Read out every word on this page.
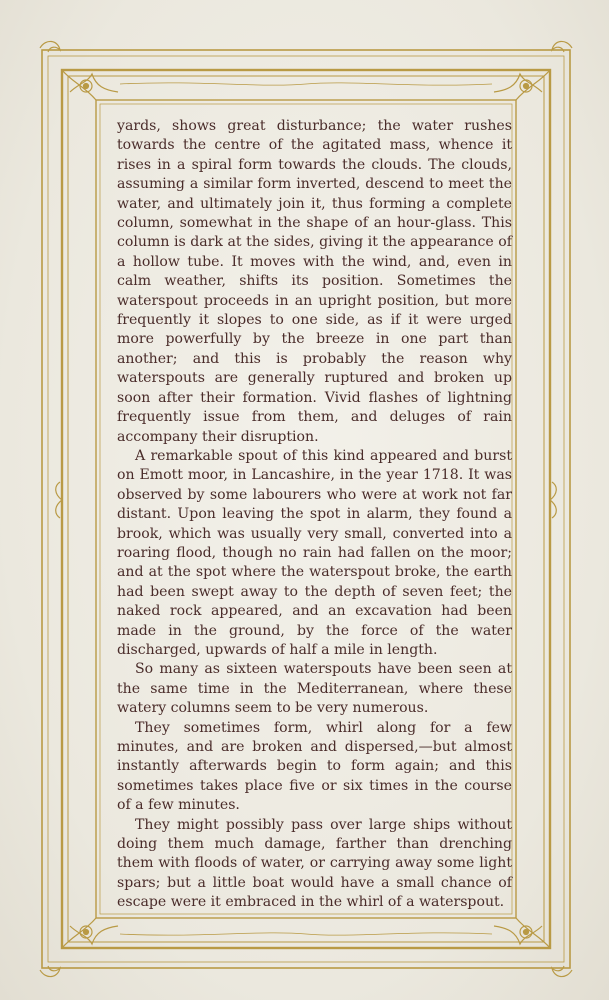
yards, shows great disturbance; the water rushes towards the centre of the agitated mass, whence it rises in a spiral form towards the clouds. The clouds, assuming a similar form inverted, descend to meet the water, and ultimately join it, thus forming a complete column, somewhat in the shape of an hour-glass. This column is dark at the sides, giving it the appearance of a hollow tube. It moves with the wind, and, even in calm weather, shifts its position. Sometimes the waterspout proceeds in an upright position, but more frequently it slopes to one side, as if it were urged more powerfully by the breeze in one part than another; and this is probably the reason why waterspouts are generally ruptured and broken up soon after their formation. Vivid flashes of lightning frequently issue from them, and deluges of rain accompany their disruption.

A remarkable spout of this kind appeared and burst on Emott moor, in Lancashire, in the year 1718. It was observed by some labourers who were at work not far distant. Upon leaving the spot in alarm, they found a brook, which was usually very small, converted into a roaring flood, though no rain had fallen on the moor; and at the spot where the waterspout broke, the earth had been swept away to the depth of seven feet; the naked rock appeared, and an excavation had been made in the ground, by the force of the water discharged, upwards of half a mile in length.

So many as sixteen waterspouts have been seen at the same time in the Mediterranean, where these watery columns seem to be very numerous.

They sometimes form, whirl along for a few minutes, and are broken and dispersed,—but almost instantly afterwards begin to form again; and this sometimes takes place five or six times in the course of a few minutes.

They might possibly pass over large ships without doing them much damage, farther than drenching them with floods of water, or carrying away some light spars; but a little boat would have a small chance of escape were it embraced in the whirl of a waterspout.
